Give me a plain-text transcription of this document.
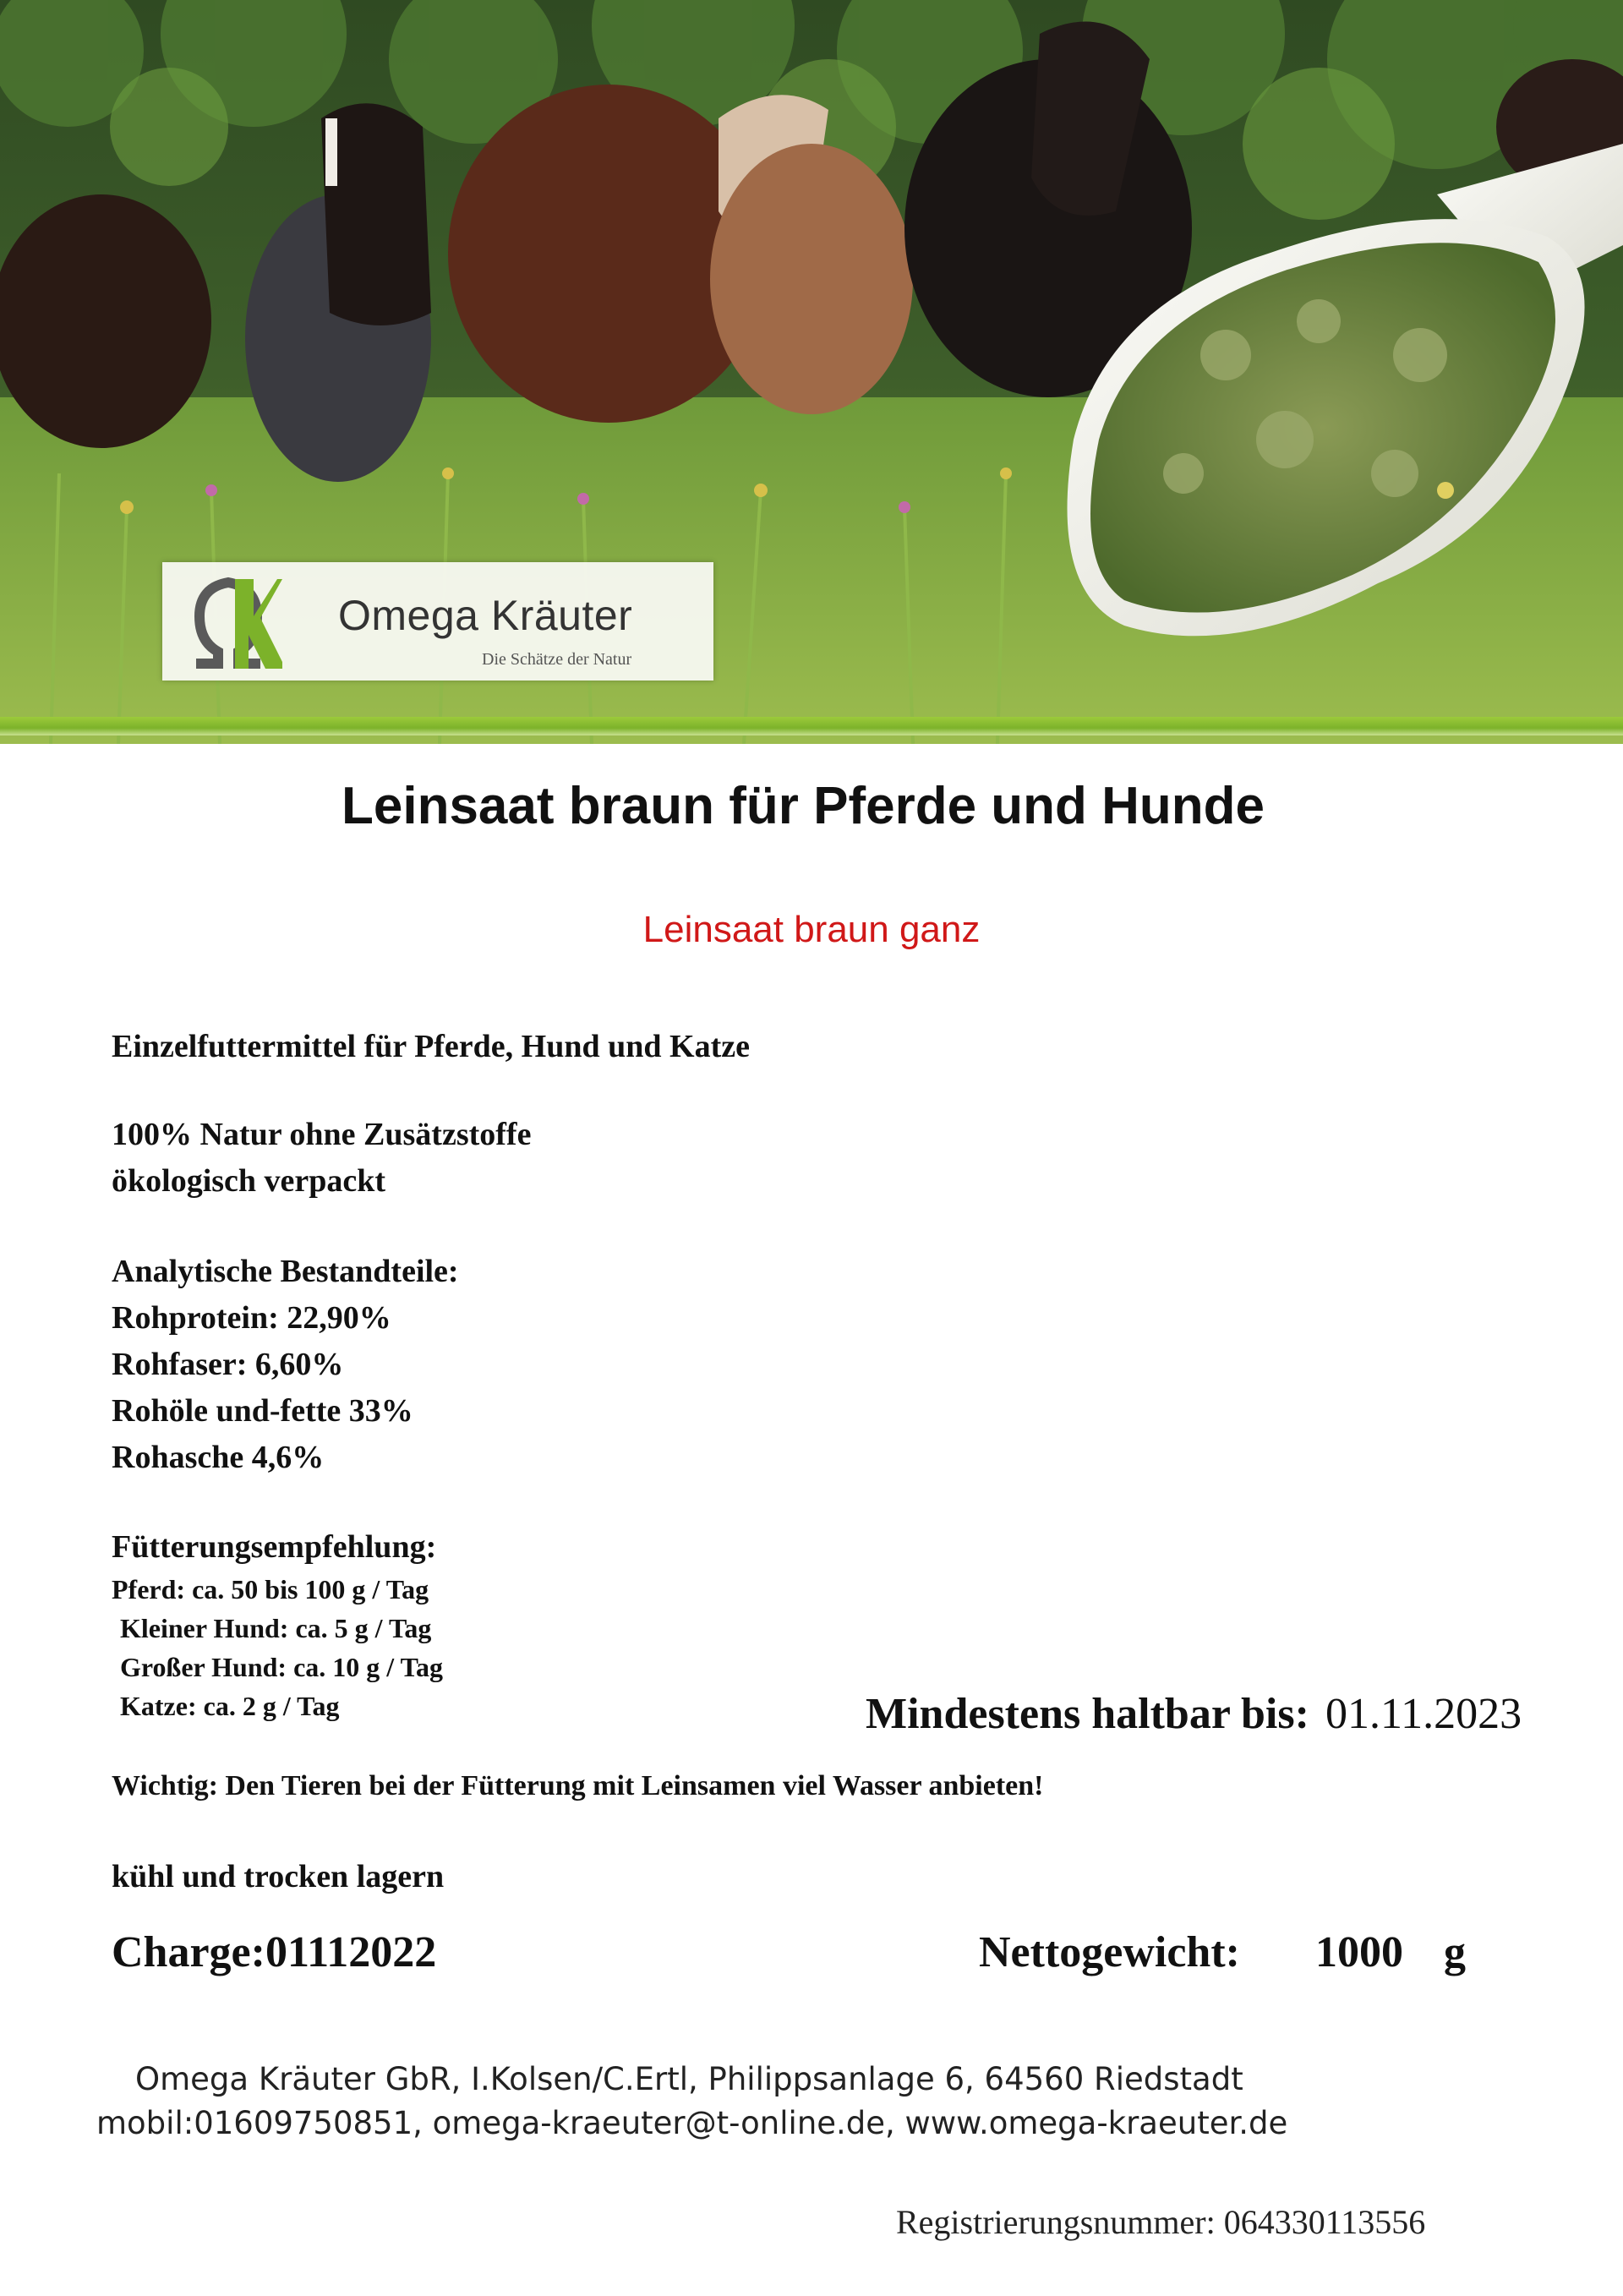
Omega Kräuter
Die Schätze der Natur
Leinsaat braun für Pferde und Hunde
Leinsaat braun ganz
Einzelfuttermittel für Pferde, Hund und Katze
100% Natur ohne Zusätzstoffe
ökologisch verpackt
Analytische Bestandteile:
Rohprotein: 22,90%
Rohfaser: 6,60%
Rohöle und-fette 33%
Rohasche 4,6%
Fütterungsempfehlung:
Pferd: ca. 50 bis 100 g / Tag
Kleiner Hund: ca. 5 g / Tag
Großer Hund: ca. 10 g / Tag
Katze: ca. 2 g / Tag	Mindestens haltbar bis: 01.11.2023
Wichtig: Den Tieren bei der Fütterung mit Leinsamen viel Wasser anbieten!
kühl und trocken lagern
Charge:01112022	Nettogewicht: 1000 g
Omega Kräuter GbR, I.Kolsen/C.Ertl, Philippsanlage 6, 64560 Riedstadt
mobil:01609750851, omega-kraeuter@t-online.de, www.omega-kraeuter.de
Registrierungsnummer: 064330113556
